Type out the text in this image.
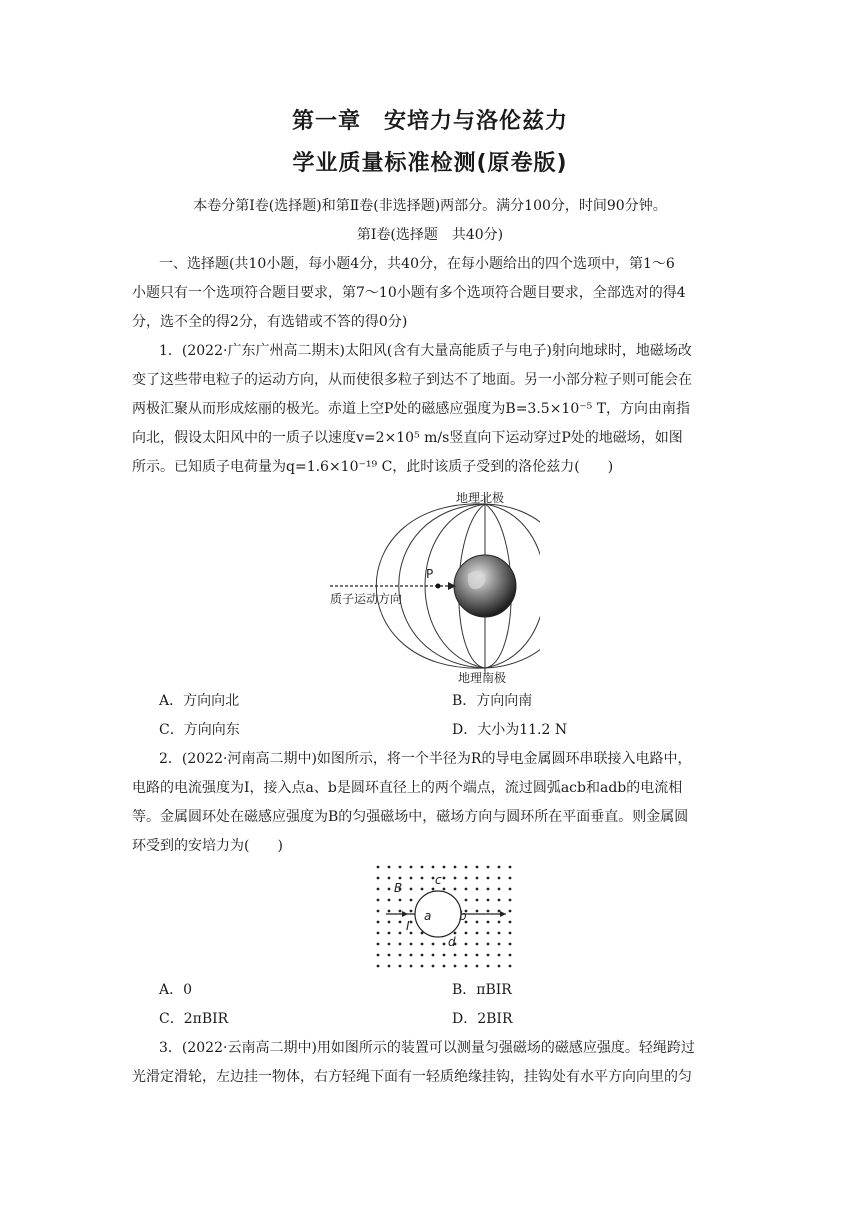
第一章　安培力与洛伦兹力
学业质量标准检测(原卷版)
本卷分第Ⅰ卷(选择题)和第Ⅱ卷(非选择题)两部分。满分100分，时间90分钟。
第Ⅰ卷(选择题　共40分)
一、选择题(共10小题，每小题4分，共40分，在每小题给出的四个选项中，第1～6
小题只有一个选项符合题目要求，第7～10小题有多个选项符合题目要求，全部选对的得4
分，选不全的得2分，有选错或不答的得0分)
1．(2022·广东广州高二期末)太阳风(含有大量高能质子与电子)射向地球时，地磁场改
变了这些带电粒子的运动方向，从而使很多粒子到达不了地面。另一小部分粒子则可能会在
两极汇聚从而形成炫丽的极光。赤道上空P处的磁感应强度为B=3.5×10⁻⁵ T，方向由南指
向北，假设太阳风中的一质子以速度v=2×10⁵ m/s竖直向下运动穿过P处的地磁场，如图
所示。已知质子电荷量为q=1.6×10⁻¹⁹ C，此时该质子受到的洛伦兹力(　　)
P
质子运动方向
地理北极
地理南极
A．方向向北	B．方向向南
C．方向向东	D．大小为11.2 N
2．(2022·河南高二期中)如图所示，将一个半径为R的导电金属圆环串联接入电路中，
电路的电流强度为I，接入点a、b是圆环直径上的两个端点，流过圆弧acb和adb的电流相
等。金属圆环处在磁感应强度为B的匀强磁场中，磁场方向与圆环所在平面垂直。则金属圆
环受到的安培力为(　　)
B
I
a b
c
d
A．0	B．πBIR
C．2πBIR	D．2BIR
3．(2022·云南高二期中)用如图所示的装置可以测量匀强磁场的磁感应强度。轻绳跨过
光滑定滑轮，左边挂一物体，右方轻绳下面有一轻质绝缘挂钩，挂钩处有水平方向向里的匀
